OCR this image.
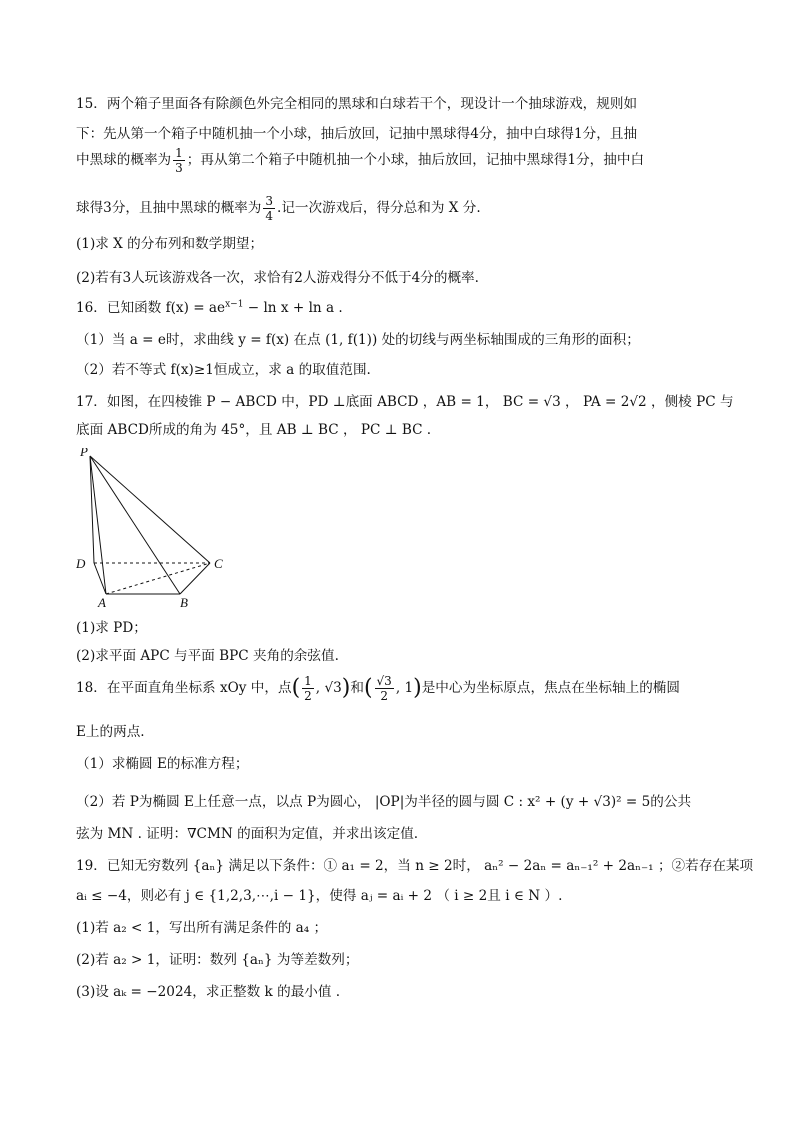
15．两个箱子里面各有除颜色外完全相同的黑球和白球若干个，现设计一个抽球游戏，规则如
下：先从第一个箱子中随机抽一个小球，抽后放回，记抽中黑球得4分，抽中白球得1分，且抽
中黑球的概率为 $\frac{1}{3}$ ；再从第二个箱子中随机抽一个小球，抽后放回，记抽中黑球得1分，抽中白
球得3分，且抽中黑球的概率为 $\frac{3}{4}$ .记一次游戏后，得分总和为 X 分.
(1)求 X 的分布列和数学期望；
(2)若有3人玩该游戏各一次，求恰有2人游戏得分不低于4分的概率.
16．已知函数 $f(x) = ae^{x-1} - \ln x + \ln a$ .
（1）当 a = e时，求曲线 y = f(x) 在点 (1, f(1)) 处的切线与两坐标轴围成的三角形的面积；
（2）若不等式 f(x)≥1恒成立，求 a 的取值范围.
17．如图，在四棱锥 P − ABCD 中，PD ⊥底面 ABCD ，AB = 1， BC = √3 ， PA = 2√2 ，侧棱 PC 与
底面 ABCD所成的角为 45°，且 AB ⊥ BC ， PC ⊥ BC .
P
D	C
A	B
(1)求 PD；
(2)求平面 APC 与平面 BPC 夹角的余弦值.
18．在平面直角坐标系 xOy 中，点( $\frac{1}{2}$ , √3)和( $\frac{√3}{2}$ , 1)是中心为坐标原点，焦点在坐标轴上的椭圆
E上的两点.
（1）求椭圆 E的标准方程；
（2）若 P为椭圆 E上任意一点，以点 P为圆心， |OP|为半径的圆与圆 C : x² + (y + √3)² = 5的公共
弦为 MN . 证明：∇CMN 的面积为定值，并求出该定值.
19．已知无穷数列 {aₙ} 满足以下条件：① a₁ = 2，当 n ≥ 2时， aₙ² − 2aₙ = aₙ₋₁² + 2aₙ₋₁ ；②若存在某项
aᵢ ≤ −4，则必有 j ∈ {1,2,3,⋯,i − 1}，使得 aⱼ = aᵢ + 2 （ i ≥ 2且 i ∈ N ）.
(1)若 a₂ < 1，写出所有满足条件的 a₄ ；
(2)若 a₂ > 1，证明：数列 {aₙ} 为等差数列；
(3)设 aₖ = −2024，求正整数 k 的最小值 .
